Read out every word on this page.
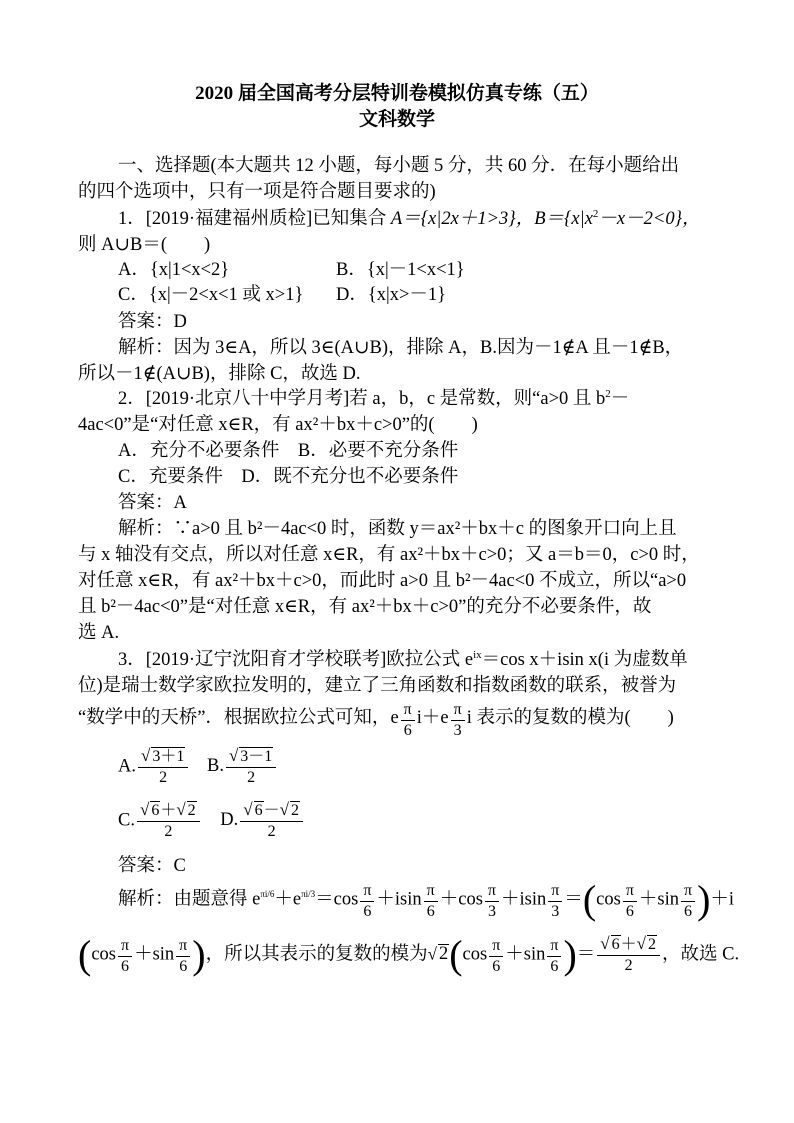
2020 届全国高考分层特训卷模拟仿真专练（五）
文科数学
一、选择题(本大题共 12 小题，每小题 5 分，共 60 分．在每小题给出
的四个选项中，只有一项是符合题目要求的)
1．[2019·福建福州质检]已知集合 A＝{x|2x＋1>3}，$B=\{x|x^2-x-2<0\}$，
则 A∪B＝(　　)
A．{x|1<x<2}	B．{x|－1<x<1}
C．{x|－2<x<1 或 x>1} D．{x|x>－1}
答案：D
解析：因为 3∈A，所以 3∈(A∪B)，排除 A，B.因为－1∉A 且－1∉B，
所以－1∉(A∪B)，排除 C，故选 D.
2．[2019·北京八十中学月考]若 a，b，c 是常数，则“a>0 且 $b^2-$
4ac<0”是“对任意 x∈R，有 ax²＋bx＋c>0”的(　　)
A．充分不必要条件　B．必要不充分条件
C．充要条件　D．既不充分也不必要条件
答案：A
解析：∵a>0 且 b²－4ac<0 时，函数 y＝ax²＋bx＋c 的图象开口向上且
与 x 轴没有交点，所以对任意 x∈R，有 ax²＋bx＋c>0；又 a＝b＝0，c>0 时，
对任意 x∈R，有 ax²＋bx＋c>0，而此时 a>0 且 b²－4ac<0 不成立，所以“a>0
且 b²－4ac<0”是“对任意 x∈R，有 ax²＋bx＋c>0”的充分不必要条件，故
选 A.
3．[2019·辽宁沈阳育才学校联考]欧拉公式 $e^{ix}=\cos$ x＋isin x(i 为虚数单
位)是瑞士数学家欧拉发明的，建立了三角函数和指数函数的联系，被誉为
“数学中的天桥”．根据欧拉公式可知，e $\frac{\pi}{6} i+e \frac{\pi}{3}$ i 表示的复数的模为(　　)
A. $\frac{√ 3+1}{2} B$. $\frac{√ 3-1}{2}$
C. $\frac{√ 6+√ 2}{2} D$. $\frac{√ 6-√ 2}{2}$
答案：C
解析：由题意得 $e^{\pi i/6}+e^{\pi i/3}=\cos \frac{\pi}{6} +isin \frac{\pi}{6} +\cos \frac{\pi}{3} +isin \frac{\pi}{3} =(\cos \frac{\pi}{6} +\sin \frac{\pi}{6} )+i$
($\cos \frac{\pi}{6} +\sin \frac{\pi}{6}$ )，所以其表示的复数的模为√ $2(\cos \frac{\pi}{6} +\sin \frac{\pi}{6}$ )＝ $\frac{√ 6+√ 2}{2}$ ，故选 C.
